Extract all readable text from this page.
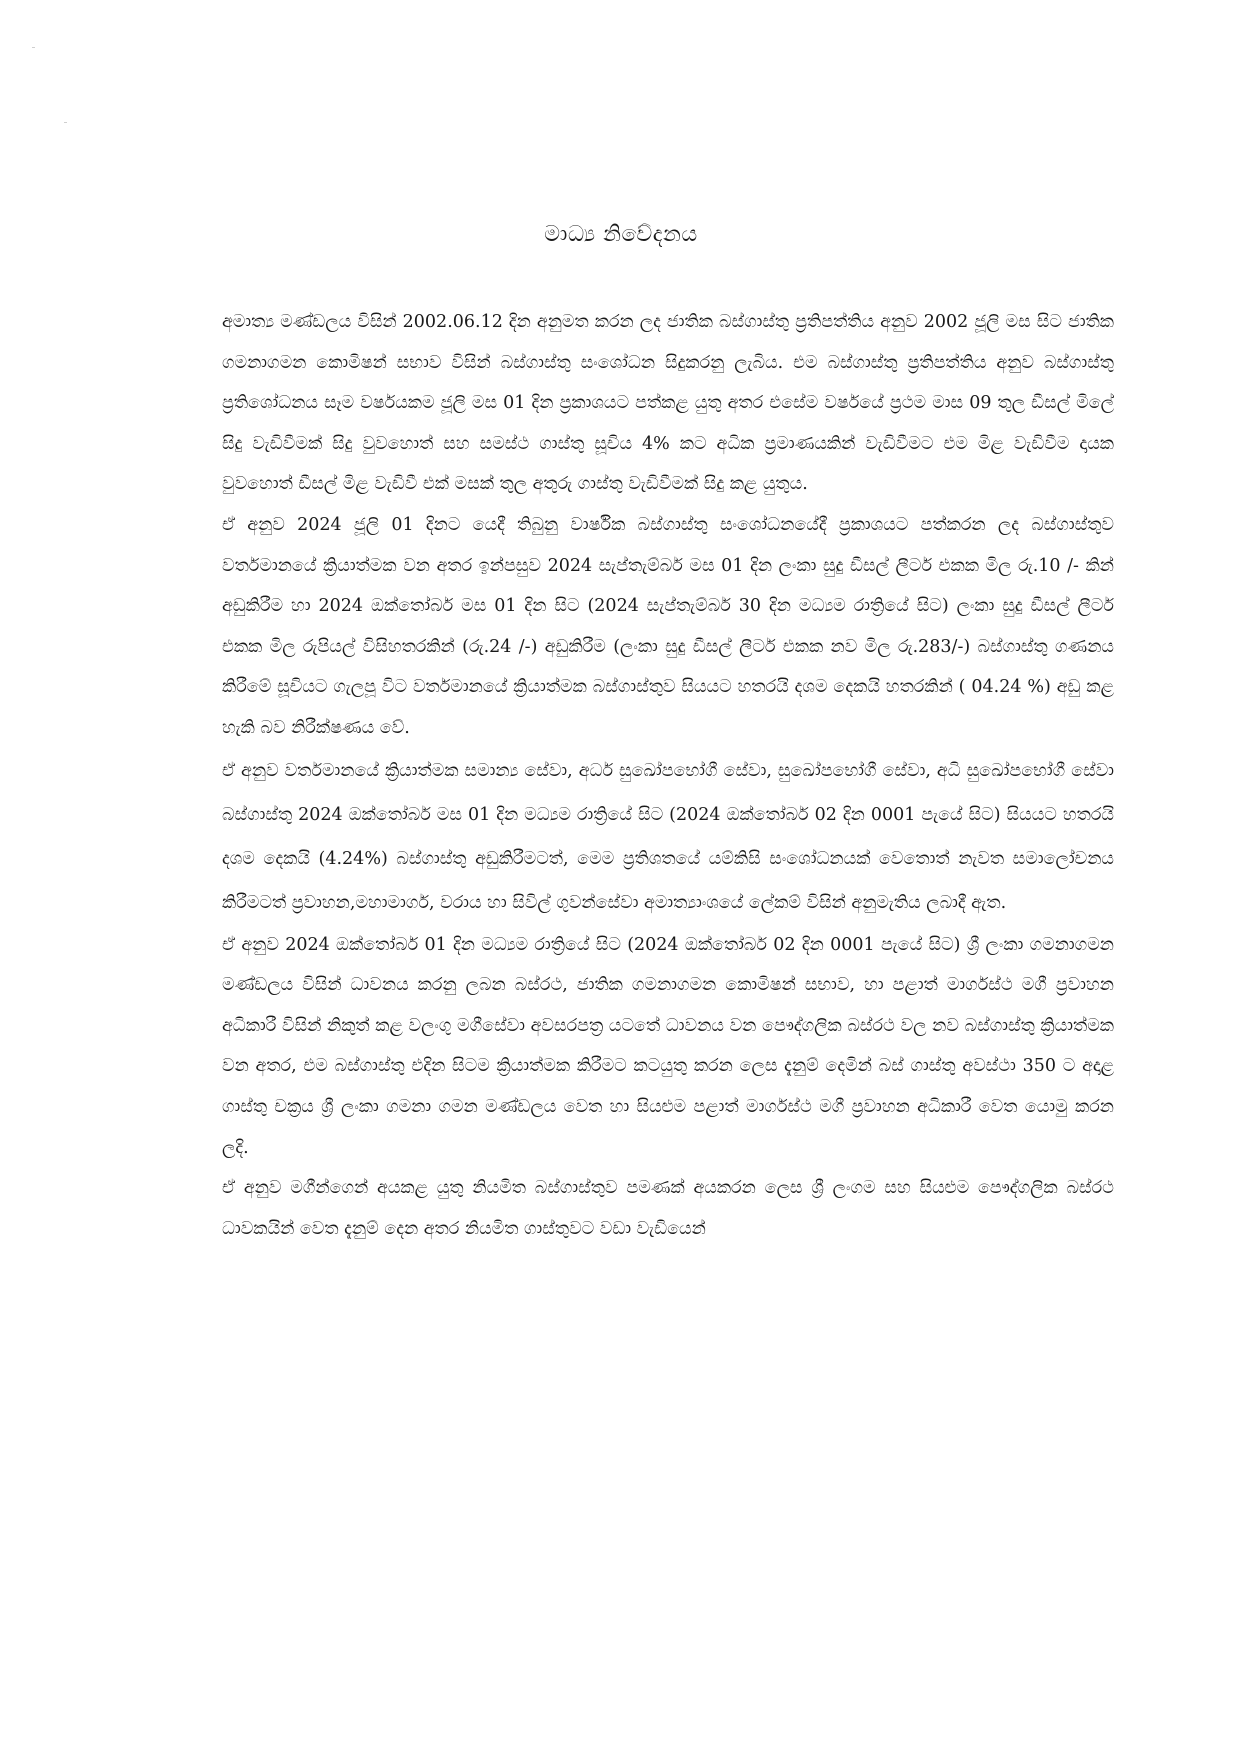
මාධ්‍ය නිවේදනය

අමාත්‍ය මණ්ඩලය විසින් 2002.06.12 දින අනුමත කරන ලද ජාතික බස්ගාස්තු ප්‍රතිපත්තිය අනුව 2002 ජූලි මස සිට ජාතික ගමනාගමන කොමිෂන් සභාව විසින් බස්ගාස්තු සංශෝධන සිදුකරනු ලැබිය. එම බස්ගාස්තු ප්‍රතිපත්තිය අනුව බස්ගාස්තු ප්‍රතිශෝධනය සෑම වර්ෂයකම ජූලි මස 01 දින ප්‍රකාශයට පත්කළ යුතු අතර එසේම වර්ෂයේ ප්‍රථම මාස 09 තුල ඩීසල් මිලේ සිදු වැඩිවීමක් සිදු වුවහොත් සහ සමස්ථ ගාස්තු සූචිය 4% කට අධික ප්‍රමාණයකින් වැඩිවීමට එම මිළ වැඩිවීම දායක වුවහොත් ඩීසල් මිළ වැඩිවී එක් මසක් තුල අතුරු ගාස්තු වැඩිවීමක් සිදු කළ යුතුය.

ඒ අනුව 2024 ජූලි 01 දිනට යෙදී තිබුනු වාර්ෂික බස්ගාස්තු සංශෝධනයේදී ප්‍රකාශයට පත්කරන ලද බස්ගාස්තුව වර්තමානයේ ක්‍රියාත්මක වන අතර ඉන්පසුව 2024 සැප්තැම්බර් මස 01 දින ලංකා සුදු ඩීසල් ලීටර් එකක මිල රු.10 /- කින් අඩුකිරීම හා 2024 ඔක්තෝබර් මස 01 දින සිට (2024 සැප්තැම්බර් 30 දින මධ්‍යම රාත්‍රියේ සිට) ලංකා සුදු ඩීසල් ලීටර් එකක මිල රුපියල් විසිහතරකින් (රු.24 /-) අඩුකිරීම (ලංකා සුදු ඩීසල් ලීටර් එකක නව මිල රු.283/-) බස්ගාස්තු ගණනය කිරීමේ සූචියට ගැලපූ විට වර්තමානයේ ක්‍රියාත්මක බස්ගාස්තුව සියයට හතරයි දශම දෙකයි හතරකින් ( 04.24 %) අඩු කළ හැකි බව නිරීක්ෂණය වේ.

ඒ අනුව වර්තමානයේ ක්‍රියාත්මක සමාන්‍ය සේවා, අර්ධ සුඛෝපභෝගී සේවා, සුඛෝපභෝගී සේවා, අධි සුඛෝපභෝගී සේවා බස්ගාස්තු 2024 ඔක්තෝබර් මස 01 දින මධ්‍යම රාත්‍රියේ සිට (2024 ඔක්තෝබර් 02 දින 0001 පැයේ සිට) සියයට හතරයි දශම දෙකයි (4.24%) බස්ගාස්තු අඩුකිරීමටත්, මෙම ප්‍රතිශතයේ යම්කිසි සංශෝධනයක් වෙතොත් නැවත සමාලෝචනය කිරීමටත් ප්‍රවාහන,මහාමාර්ග, වරාය හා සිවිල් ගුවන්සේවා අමාත්‍යාංශයේ ලේකම් විසින් අනුමැතිය ලබාදී ඇත.

ඒ අනුව 2024 ඔක්තෝබර් 01 දින මධ්‍යම රාත්‍රියේ සිට (2024 ඔක්තෝබර් 02 දින 0001 පැයේ සිට) ශ්‍රී ලංකා ගමනාගමන මණ්ඩලය විසින් ධාවනය කරනු ලබන බස්රථ, ජාතික ගමනාගමන කොමිෂන් සභාව, හා පළාත් මාර්ගස්ථ මගී ප්‍රවාහන අධිකාරී විසින් නිකුත් කළ වලංගු මගීසේවා අවසරපත්‍ර යටතේ ධාවනය වන පෞද්ගලික බස්රථ වල නව බස්ගාස්තු ක්‍රියාත්මක වන අතර, එම බස්ගාස්තු එදින සිටම ක්‍රියාත්මක කිරීමට කටයුතු කරන ලෙස දැනුම් දෙමින් බස් ගාස්තු අවස්ථා 350 ට අදාළ ගාස්තු චක්‍රය ශ්‍රී ලංකා ගමනා ගමන මණ්ඩලය වෙත හා සියළුම පළාත් මාර්ගස්ථ මගී ප්‍රවාහන අධිකාරී වෙත යොමු කරන ලදි.

ඒ අනුව මගීන්ගෙන් අයකළ යුතු නියමිත බස්ගාස්තුව පමණක් අයකරන ලෙස ශ්‍රී ලංගම සහ සියළුම පෞද්ගලික බස්රථ ධාවකයින් වෙත දැනුම් දෙන අතර නියමිත ගාස්තුවට වඩා වැඩියෙන්
